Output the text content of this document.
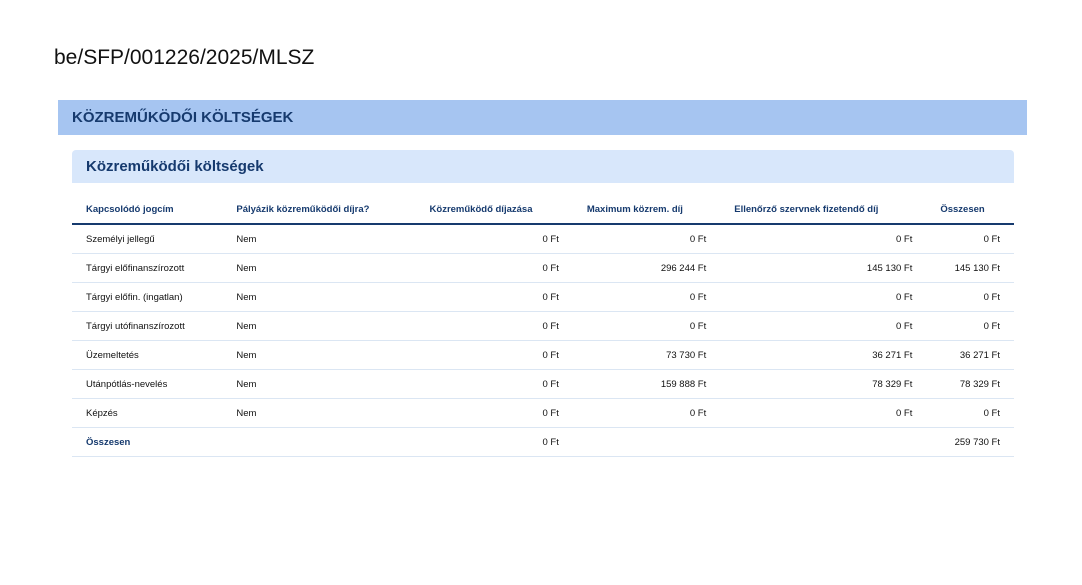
be/SFP/001226/2025/MLSZ
KÖZREMŰKÖDŐI KÖLTSÉGEK
Közreműködői költségek
Kapcsolódó jogcím	Pályázik közreműködői díjra?	Közreműködő díjazása	Maximum közrem. díj	Ellenőrző szervnek fizetendő díj	Összesen
Személyi jellegű	Nem	0 Ft	0 Ft	0 Ft	0 Ft
Tárgyi előfinanszírozott	Nem	0 Ft	296 244 Ft	145 130 Ft	145 130 Ft
Tárgyi előfin. (ingatlan)	Nem	0 Ft	0 Ft	0 Ft	0 Ft
Tárgyi utófinanszírozott	Nem	0 Ft	0 Ft	0 Ft	0 Ft
Üzemeltetés	Nem	0 Ft	73 730 Ft	36 271 Ft	36 271 Ft
Utánpótlás-nevelés	Nem	0 Ft	159 888 Ft	78 329 Ft	78 329 Ft
Képzés	Nem	0 Ft	0 Ft	0 Ft	0 Ft
Összesen		0 Ft			259 730 Ft
